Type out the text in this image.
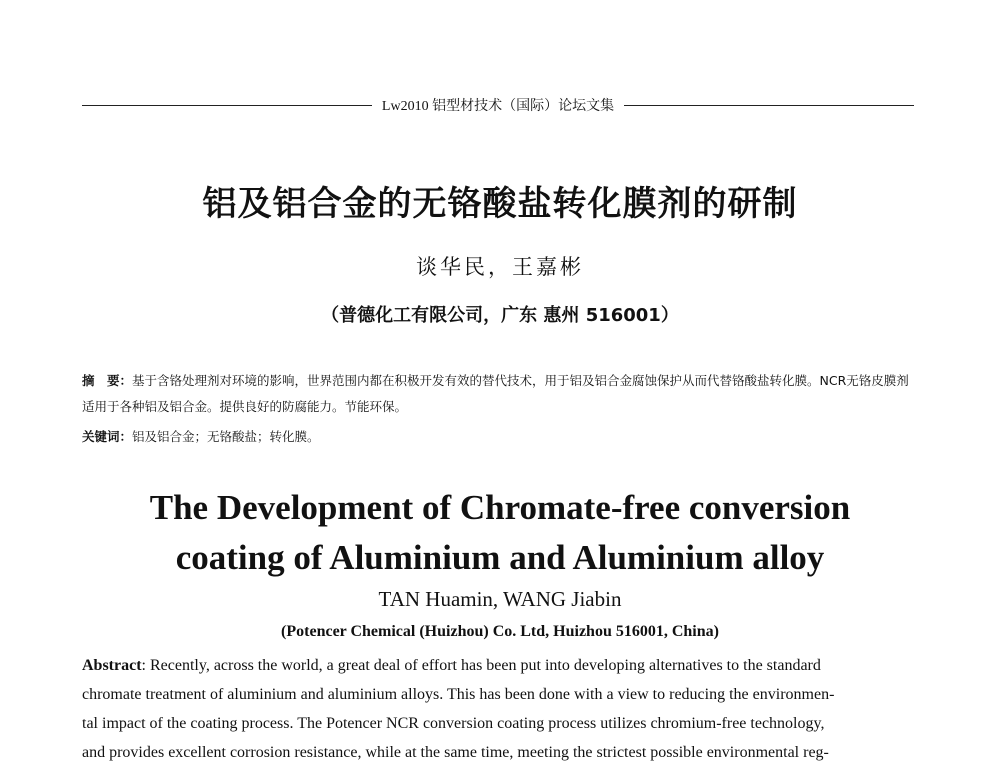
Lw2010 铝型材技术（国际）论坛文集
铝及铝合金的无铬酸盐转化膜剂的研制
谈华民，王嘉彬
（普德化工有限公司，广东 惠州 516001）
摘　要：基于含铬处理剂对环境的影响，世界范围内都在积极开发有效的替代技术，用于铝及铝合金腐蚀保护从而代替铬酸盐转化膜。NCR无铬皮膜剂适用于各种铝及铝合金。提供良好的防腐能力。节能环保。
关键词：铝及铝合金；无铬酸盐；转化膜。
The Development of Chromate-free conversion
coating of Aluminium and Aluminium alloy
TAN Huamin, WANG Jiabin
(Potencer Chemical (Huizhou) Co. Ltd, Huizhou 516001, China)
Abstract: Recently, across the world, a great deal of effort has been put into developing alternatives to the standard
chromate treatment of aluminium and aluminium alloys. This has been done with a view to reducing the environmen-
tal impact of the coating process. The Potencer NCR conversion coating process utilizes chromium-free technology,
and provides excellent corrosion resistance, while at the same time, meeting the strictest possible environmental reg-
